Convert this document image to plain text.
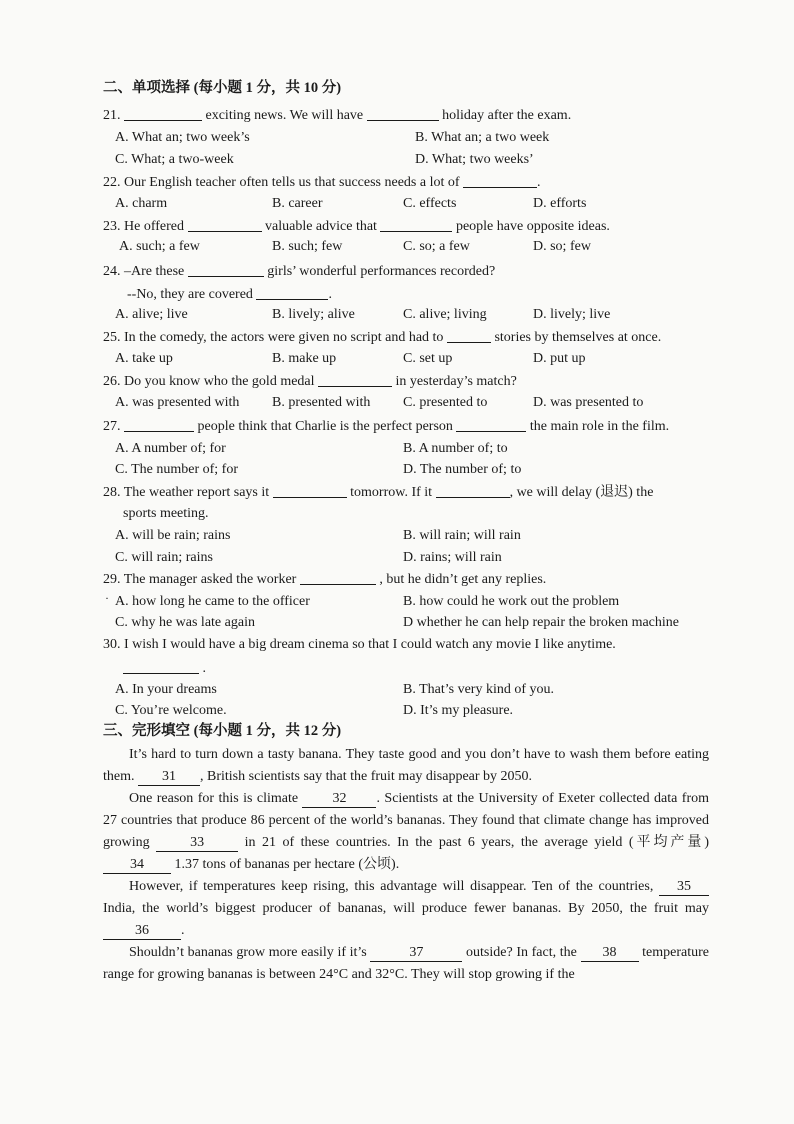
二、单项选择 (每小题 1 分，共 10 分)
21.	exciting news. We will have	holiday after the exam.
A. What an; two week’s	B. What an; a two week
C. What; a two-week	D. What; two weeks’
22. Our English teacher often tells us that success needs a lot of	.
A. charm	B. career	C. effects	D. efforts
23. He offered	valuable advice that	people have opposite ideas.
A. such; a few	B. such; few	C. so; a few	D. so; few
24. –Are these	girls’ wonderful performances recorded?
--No, they are covered	.
A. alive; live	B. lively; alive	C. alive; living	D. lively; live
25. In the comedy, the actors were given no script and had to	stories by themselves at once.
A. take up	B. make up	C. set up	D. put up
26. Do you know who the gold medal	in yesterday’s match?
A. was presented with B. presented with C. presented to	D. was presented to
27.	people think that Charlie is the perfect person	the main role in the film.
A. A number of; for	B. A number of; to
C. The number of; for	D. The number of; to
28. The weather report says it	tomorrow. If it	, we will delay (退迟) the
sports meeting.
A. will be rain; rains	B. will rain; will rain
C. will rain; rains	D. rains; will rain
29. The manager asked the worker	, but he didn’t get any replies.
· A. how long he came to the officer	B. how could he work out the problem
C. why he was late again	D whether he can help repair the broken machine
30. I wish I would have a big dream cinema so that I could watch any movie I like anytime.
.
A. In your dreams	B. That’s very kind of you.
C. You’re welcome.	D. It’s my pleasure.
三、完形填空 (每小题 1 分，共 12 分)

It’s hard to turn down a tasty banana. They taste good and you don’t have to wash them before eating them. 31 , British scientists say that the fruit may disappear by 2050.

One reason for this is climate 32 . Scientists at the University of Exeter collected data from 27 countries that produce 86 percent of the world’s bananas. They found that climate change has improved growing	33	in 21 of these countries. In the past 6 years, the average yield (平均产量) 34 1.37 tons of bananas per hectare (公顷).

However, if temperatures keep rising, this advantage will disappear. Ten of the countries, 35 India, the world’s biggest producer of bananas, will produce fewer bananas. By 2050, the fruit may 36 .

Shouldn’t bananas grow more easily if it’s	37	outside? In fact, the 38 temperature range for growing bananas is between 24°C and 32°C. They will stop growing if the
